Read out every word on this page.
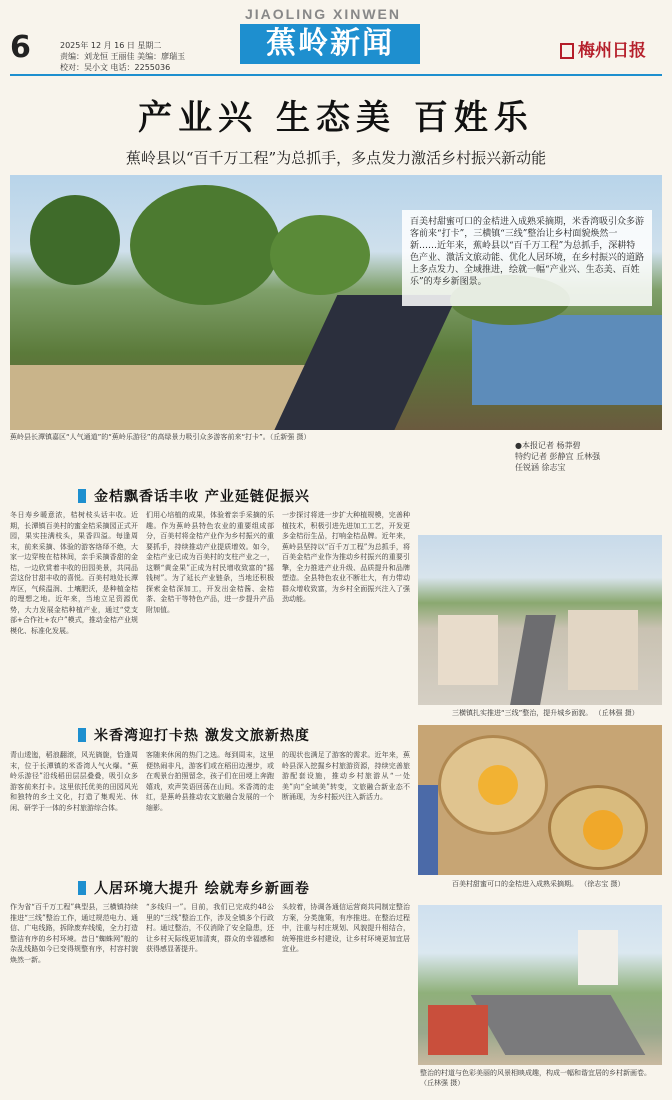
6	2025年 12 月 16 日 星期二
责编：刘龙恒 王丽佳 美编：廖瑞玉
校对：吴小文 电话：2255036
JIAOLING XINWEN
蕉岭新闻	梅州日报
产业兴 生态美 百姓乐
蕉岭县以“百千万工程”为总抓手，多点发力激活乡村振兴新动能
百美村甜蜜可口的金桔进入成熟采摘期，米香湾吸引众多游客前来“打卡”，三横镇“三线”整治让乡村面貌焕然一新……近年来，蕉岭县以“百千万工程”为总抓手，深耕特色产业、激活文旅动能、优化人居环境，在乡村振兴的道路上多点发力、全域推进，绘就一幅“产业兴、生态美、百姓乐”的寿乡新图景。
蕉岭县长潭镇嘉区“人气通道”的“蕉岭乐游径”的高绿景力吸引众多游客前来“打卡”。（丘新强 摄）
●本报记者 杨莽碧
特约记者 彭静宜 丘林强
任锐涵 徐志宝
金桔飘香话丰收 产业延链促振兴
冬日寿乡暖意浓，桔树枝头话丰收。近期，长潭镇百美村的蜜金桔采摘园正式开园，果实挂满枝头，果香四溢。每逢周末，前来采摘、体验的游客络绎不绝，大家一边穿梭在桔林间，亲手采摘香甜的金桔，一边欣赏着丰收的田园美景，共同品尝这份甘甜丰收的喜悦。百美村地处长潭库区，气候温润、土壤肥沃，是种植金桔的理想之地。近年来，当地立足资源优势，大力发展金桔种植产业，通过“党支部+合作社+农户”模式，推动金桔产业规模化、标准化发展。
们用心培植的成果，体验着亲手采摘的乐趣。作为蕉岭县特色农业的重要组成部分，百美村将金桔产业作为乡村振兴的重要抓手，持续推动产业提质增效。如今，金桔产业已成为百美村的支柱产业之一，这颗“黄金果”正成为村民增收致富的“摇钱树”。为了延长产业链条，当地还积极探索金桔深加工，开发出金桔酱、金桔茶、金桔干等特色产品，进一步提升产品附加值。
一步探讨将进一步扩大种植规模，完善种植技术，积极引进先进加工工艺，开发更多金桔衍生品，打响金桔品牌。近年来，蕉岭县坚持以“百千万工程”为总抓手，将百美金桔产业作为推动乡村振兴的重要引擎，全力推进产业升级、品质提升和品牌塑造。全县特色农业不断壮大，有力带动群众增收致富，为乡村全面振兴注入了强劲动能。
三横镇扎实推进“三线”整治，提升城乡面貌。 （丘林强 摄）
米香湾迎打卡热 激发文旅新热度
青山逶迤，稻浪翻滚，风光旖旎，恰逢周末，位于长潭镇的米香湾人气火爆。“蕉岭乐游径”沿线稻田层层叠叠，吸引众多游客前来打卡。这里依托优美的田园风光和独特的乡土文化，打造了集观光、休闲、研学于一体的乡村旅游综合体。
客随来休闲的热门之选。每到周末，这里便热闹非凡，游客们或在稻田边漫步，或在观景台拍照留念，孩子们在田埂上奔跑嬉戏，欢声笑语回荡在山间。米香湾的走红，是蕉岭县推动农文旅融合发展的一个缩影。
的现状也满足了游客的需求。近年来，蕉岭县深入挖掘乡村旅游资源，持续完善旅游配套设施，推动乡村旅游从“一处美”向“全域美”转变，文旅融合新业态不断涌现，为乡村振兴注入新活力。
百美村甜蜜可口的金桔进入成熟采摘期。 （徐志宝 摄）
人居环境大提升 绘就寿乡新画卷
作为省“百千万工程”典型县，三横镇持续推进“三线”整治工作，通过规范电力、通信、广电线路，拆除废弃线缆，全力打造整洁有序的乡村环境。昔日“蜘蛛网”般的杂乱线路如今已变得规整有序，村容村貌焕然一新。
“多线归一”。目前，我们已完成约48公里的“三线”整治工作，涉及全镇多个行政村。通过整治，不仅消除了安全隐患，还让乡村天际线更加清爽，群众的幸福感和获得感显著提升。
头较着，协调各通信运营商共同制定整治方案，分类施策，有序推进。在整治过程中，注重与村庄规划、风貌提升相结合，统筹推进乡村建设，让乡村环境更加宜居宜业。
整治的村道与色彩美丽的风景相映成趣，构成一幅和谐宜居的乡村新画卷。 （丘林强 摄）
